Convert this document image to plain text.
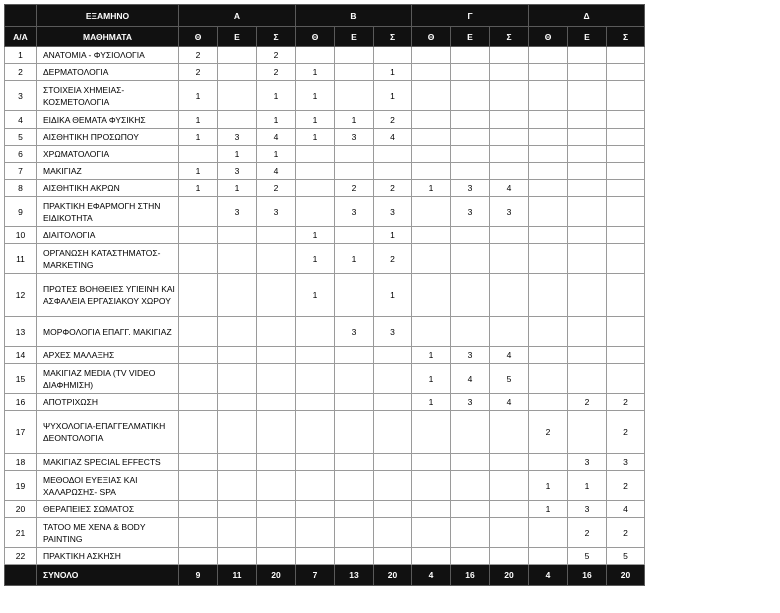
	ΕΞΑΜΗΝΟ	Α			Β			Γ			Δ		
Α/Α	ΜΑΘΗΜΑΤΑ	Θ	Ε	Σ	Θ	Ε	Σ	Θ	Ε	Σ	Θ	Ε	Σ
1	ΑΝΑΤΟΜΙΑ - ΦΥΣΙΟΛΟΓΙΑ	2		2									
2	ΔΕΡΜΑΤΟΛΟΓΙΑ	2		2	1		1						
3	ΣΤΟΙΧΕΙΑ ΧΗΜΕΙΑΣ-ΚΟΣΜΕΤΟΛΟΓΙΑ	1		1	1		1						
4	ΕΙΔΙΚΑ ΘΕΜΑΤΑ ΦΥΣΙΚΗΣ	1		1	1	1	2						
5	ΑΙΣΘΗΤΙΚΗ ΠΡΟΣΩΠΟΥ	1	3	4	1	3	4						
6	ΧΡΩΜΑΤΟΛΟΓΙΑ		1	1									
7	ΜΑΚΙΓΙΑΖ	1	3	4									
8	ΑΙΣΘΗΤΙΚΗ ΑΚΡΩΝ	1	1	2		2	2	1	3	4			
9	ΠΡΑΚΤΙΚΗ ΕΦΑΡΜΟΓΗ ΣΤΗΝ ΕΙΔΙΚΟΤΗΤΑ		3	3		3	3		3	3			
10	ΔΙΑΙΤΟΛΟΓΙΑ				1		1						
11	ΟΡΓΑΝΩΣΗ ΚΑΤΑΣΤΗΜΑΤΟΣ-MARKETING				1	1	2						
12	ΠΡΩΤΕΣ ΒΟΗΘΕΙΕΣ ΥΓΙΕΙΝΗ ΚΑΙ ΑΣΦΑΛΕΙΑ ΕΡΓΑΣΙΑΚΟΥ ΧΩΡΟΥ				1		1						
13	ΜΟΡΦΟΛΟΓΙΑ ΕΠΑΓΓ. ΜΑΚΙΓΙΑΖ					3	3						
14	ΑΡΧΕΣ ΜΑΛΑΞΗΣ							1	3	4			
15	ΜΑΚΙΓΙΑΖ MEDIA (TV VIDEO ΔΙΑΦΗΜΙΣΗ)							1	4	5			
16	ΑΠΟΤΡΙΧΩΣΗ							1	3	4		2	2
17	ΨΥΧΟΛΟΓΙΑ-ΕΠΑΓΓΕΛΜΑΤΙΚΗ ΔΕΟΝΤΟΛΟΓΙΑ										2		2
18	ΜΑΚΙΓΙΑΖ SPECIAL EFFECTS											3	3
19	ΜΕΘΟΔΟΙ ΕΥΕΞΙΑΣ ΚΑΙ ΧΑΛΑΡΩΣΗΣ- SPA										1	1	2
20	ΘΕΡΑΠΕΙΕΣ ΣΩΜΑΤΟΣ										1	3	4
21	ΤΑΤΟΟ ΜΕ ΧΕΝΑ & BODY PAINTING											2	2
22	ΠΡΑΚΤΙΚΗ ΑΣΚΗΣΗ											5	5
	ΣΥΝΟΛΟ	9	11	20	7	13	20	4	16	20	4	16	20
